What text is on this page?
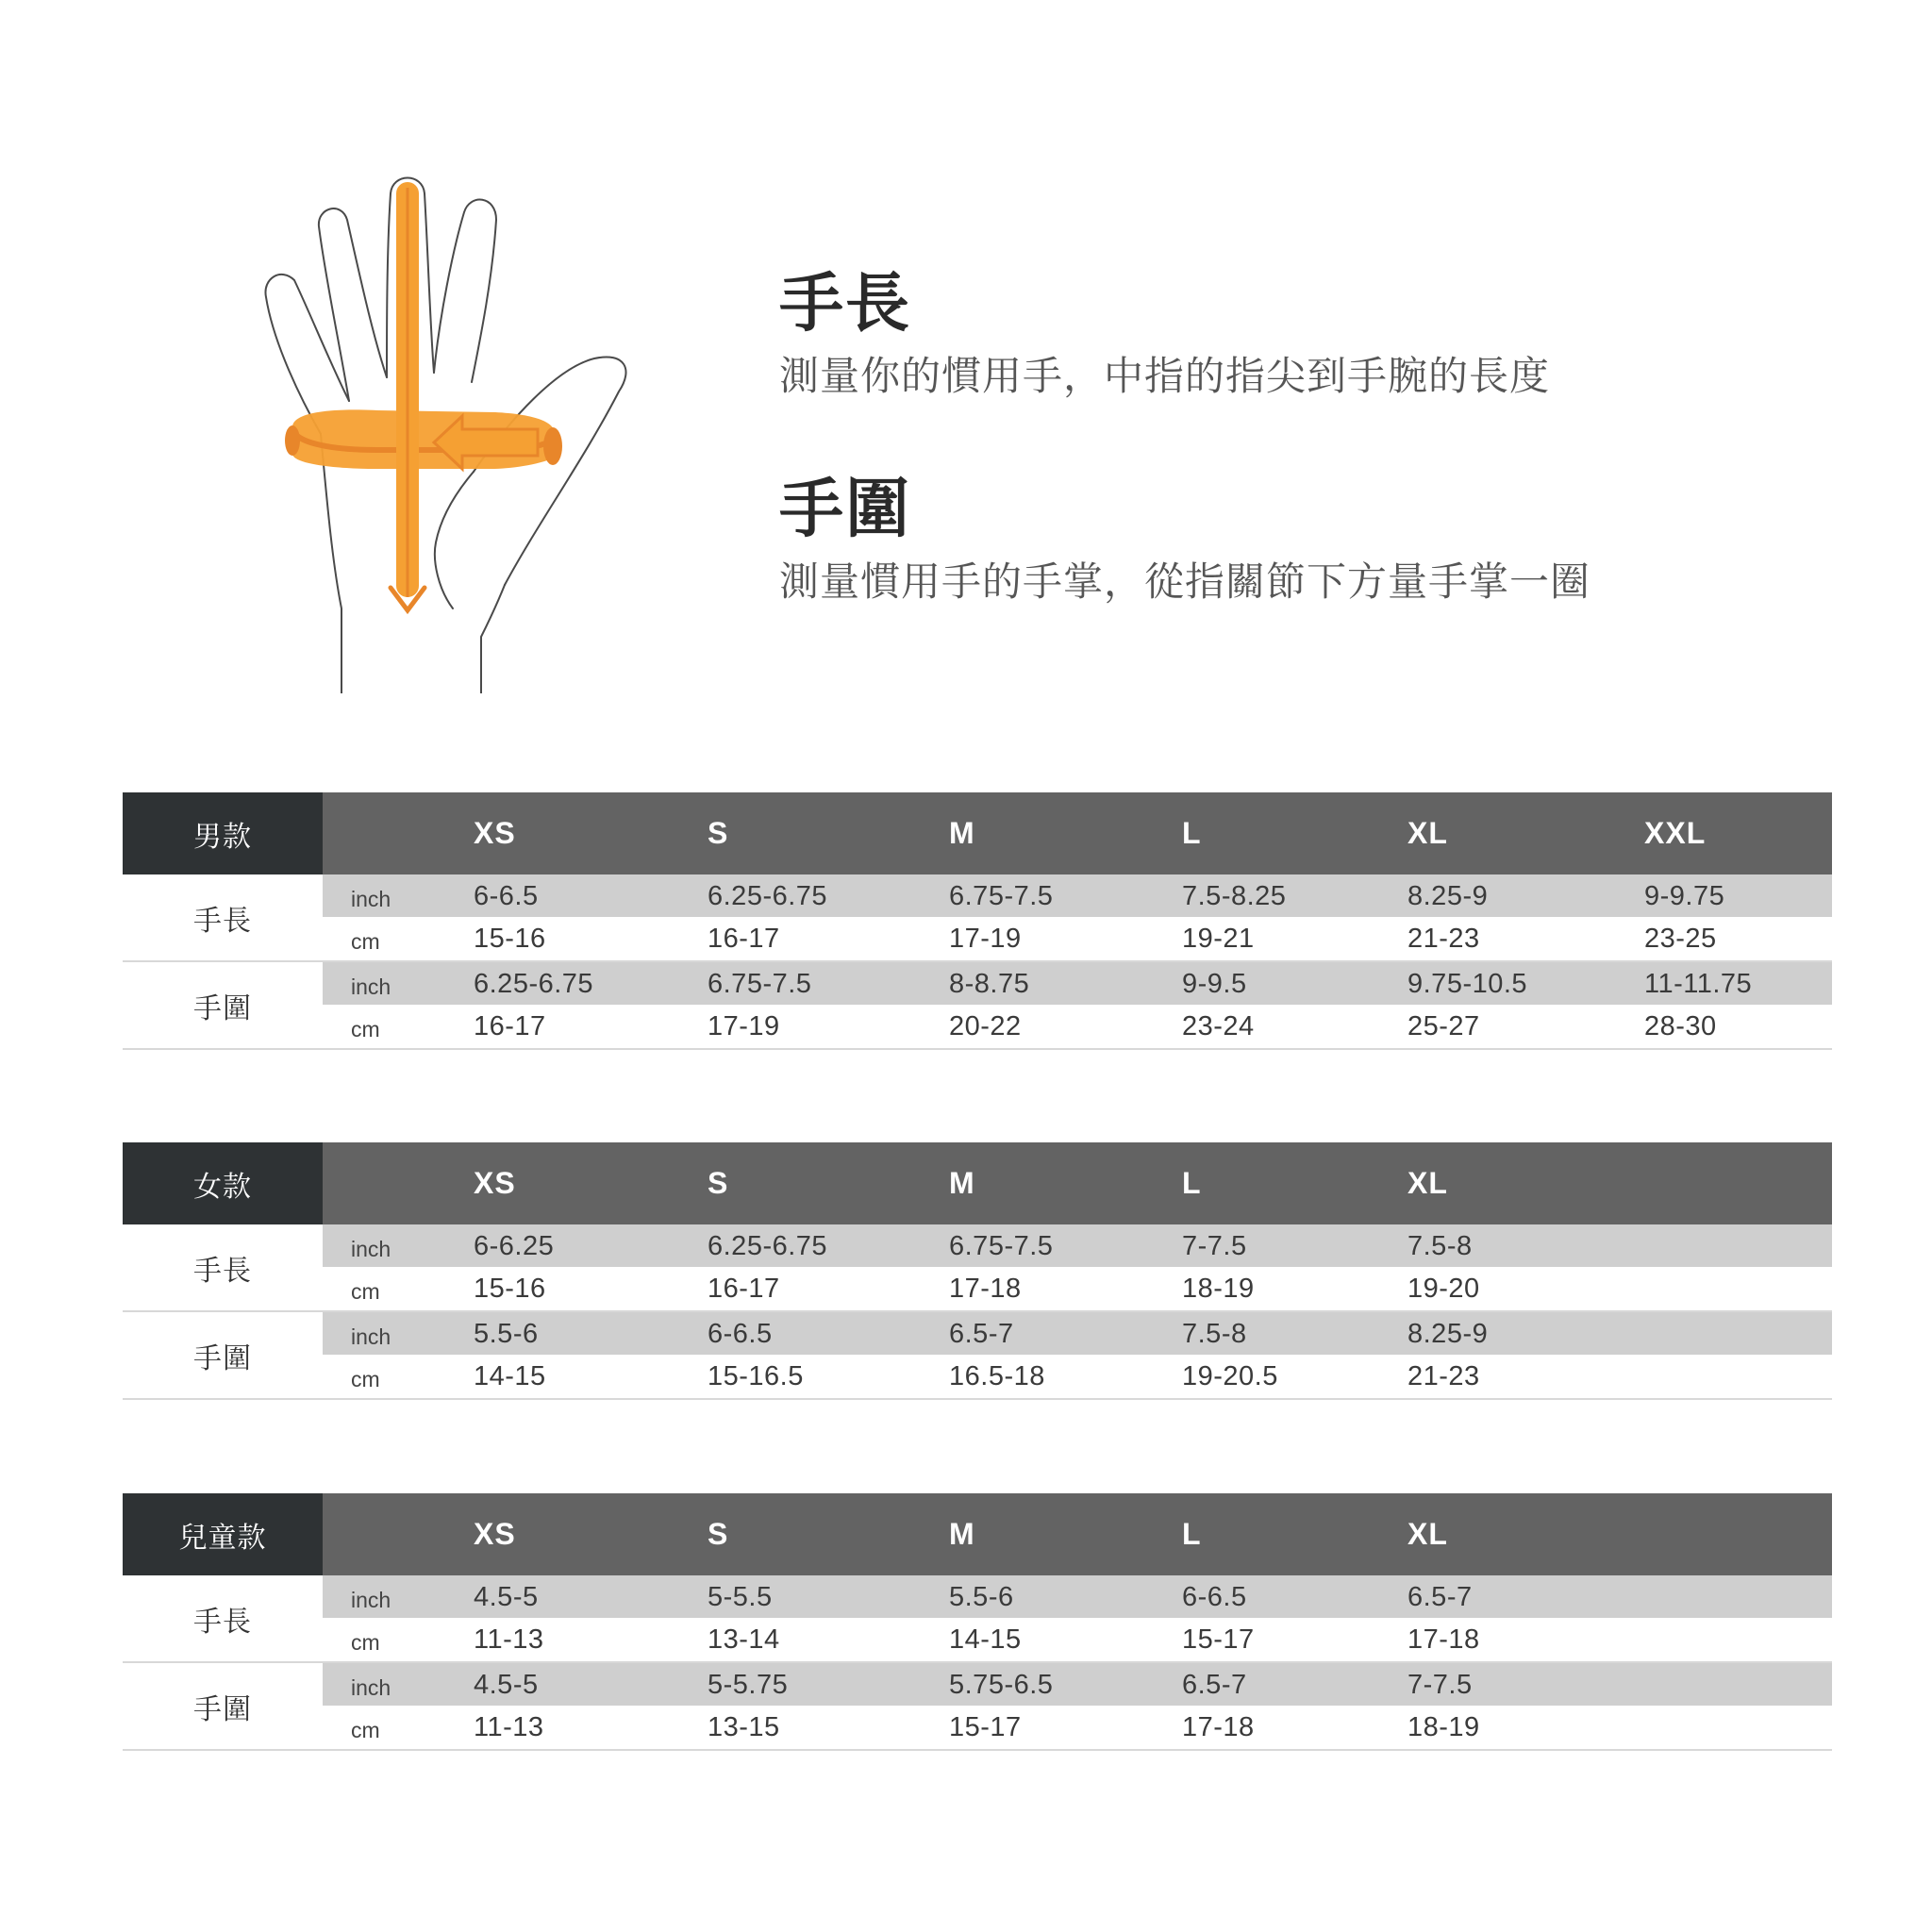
手長
測量你的慣用手，中指的指尖到手腕的長度
手圍
測量慣用手的手掌，從指關節下方量手掌一圈
男款	XS	S	M	L	XL	XXL
手長
inch	6-6.5	6.25-6.75	6.75-7.5	7.5-8.25	8.25-9	9-9.75
cm	15-16	16-17	17-19	19-21	21-23	23-25
手圍
inch	6.25-6.75	6.75-7.5	8-8.75	9-9.5	9.75-10.5	11-11.75
cm	16-17	17-19	20-22	23-24	25-27	28-30
女款	XS	S	M	L	XL
手長
inch	6-6.25	6.25-6.75	6.75-7.5	7-7.5	7.5-8
cm	15-16	16-17	17-18	18-19	19-20
手圍
inch	5.5-6	6-6.5	6.5-7	7.5-8	8.25-9
cm	14-15	15-16.5	16.5-18	19-20.5	21-23
兒童款	XS	S	M	L	XL
手長
inch	4.5-5	5-5.5	5.5-6	6-6.5	6.5-7
cm	11-13	13-14	14-15	15-17	17-18
手圍
inch	4.5-5	5-5.75	5.75-6.5	6.5-7	7-7.5
cm	11-13	13-15	15-17	17-18	18-19
